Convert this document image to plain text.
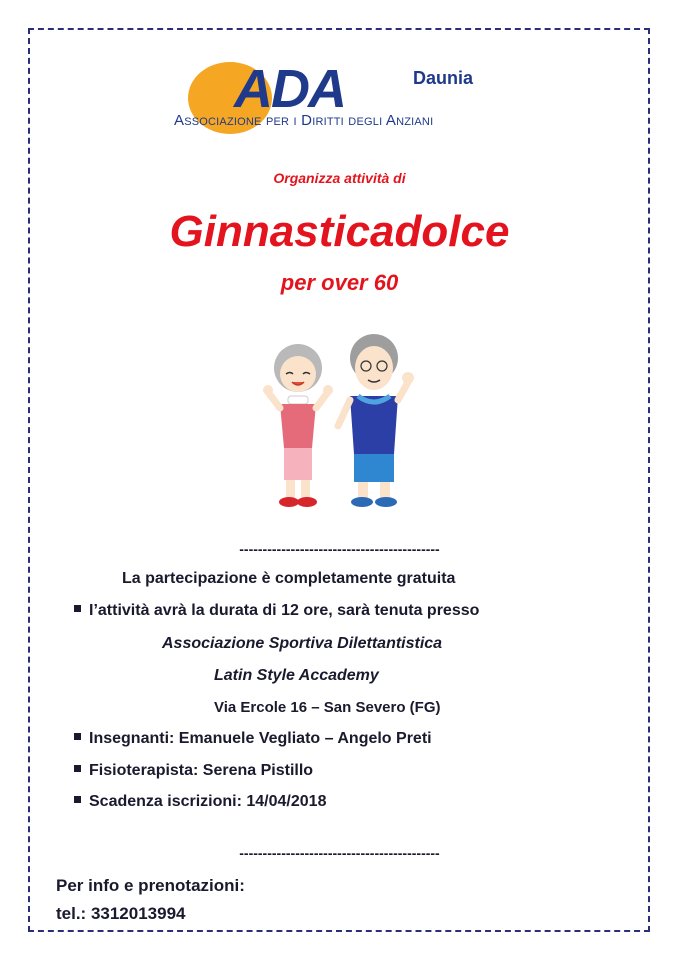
ADA	Daunia
Associazione per i Diritti degli Anziani
Organizza attività di
Ginnasticadolce
per over 60
-------------------------------------------
La partecipazione è completamente gratuita
I’attività avrà la durata di 12 ore, sarà tenuta presso
Associazione Sportiva Dilettantistica
Latin Style Accademy
Via Ercole 16 – San Severo (FG)
Insegnanti: Emanuele Vegliato – Angelo Preti
Fisioterapista: Serena Pistillo
Scadenza iscrizioni: 14/04/2018
-------------------------------------------
Per info e prenotazioni:
tel.: 3312013994
